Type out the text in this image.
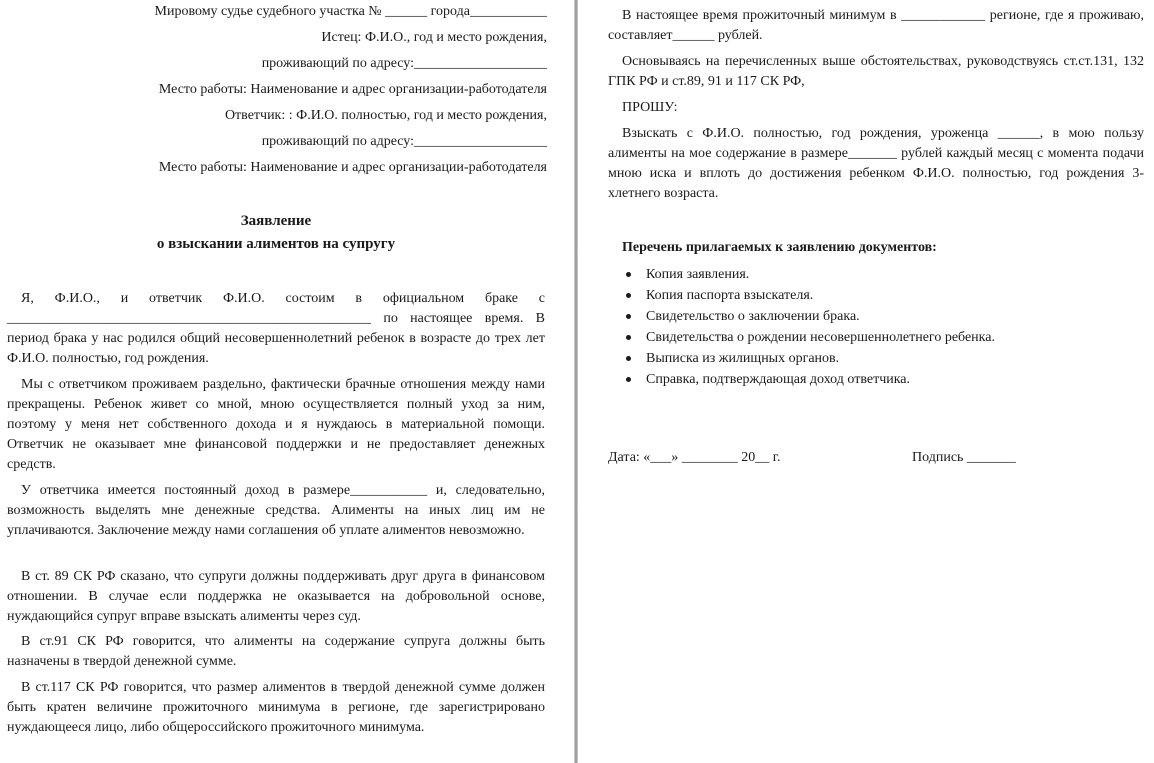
Мировому судье судебного участка № ______ города___________
Истец: Ф.И.О., год и место рождения,
проживающий по адресу:___________________
Место работы: Наименование и адрес организации-работодателя
Ответчик: : Ф.И.О. полностью, год и место рождения,
проживающий по адресу:___________________
Место работы: Наименование и адрес организации-работодателя
Заявление
о взыскании алиментов на супругу
Я, Ф.И.О., и ответчик Ф.И.О. состоим в официальном браке с ____________________________________________________ по настоящее время. В период брака у нас родился общий несовершеннолетний ребенок в возрасте до трех лет Ф.И.О. полностью, год рождения.
Мы с ответчиком проживаем раздельно, фактически брачные отношения между нами прекращены. Ребенок живет со мной, мною осуществляется полный уход за ним, поэтому у меня нет собственного дохода и я нуждаюсь в материальной помощи. Ответчик не оказывает мне финансовой поддержки и не предоставляет денежных средств.
У ответчика имеется постоянный доход в размере___________ и, следовательно, возможность выделять мне денежные средства. Алименты на иных лиц им не уплачиваются. Заключение между нами соглашения об уплате алиментов невозможно.
В ст. 89 СК РФ сказано, что супруги должны поддерживать друг друга в финансовом отношении. В случае если поддержка не оказывается на добровольной основе, нуждающийся супруг вправе взыскать алименты через суд.
В ст.91 СК РФ говорится, что алименты на содержание супруга должны быть назначены в твердой денежной сумме.
В ст.117 СК РФ говорится, что размер алиментов в твердой денежной сумме должен быть кратен величине прожиточного минимума в регионе, где зарегистрировано нуждающееся лицо, либо общероссийского прожиточного минимума.
В настоящее время прожиточный минимум в ____________ регионе, где я проживаю, составляет______ рублей.
Основываясь на перечисленных выше обстоятельствах, руководствуясь ст.ст.131, 132 ГПК РФ и ст.89, 91 и 117 СК РФ,
ПРОШУ:
Взыскать с Ф.И.О. полностью, год рождения, уроженца ______, в мою пользу алименты на мое содержание в размере_______ рублей каждый месяц с момента подачи мною иска и вплоть до достижения ребенком Ф.И.О. полностью, год рождения 3-хлетнего возраста.
Перечень прилагаемых к заявлению документов:
Копия заявления.
Копия паспорта взыскателя.
Свидетельство о заключении брака.
Свидетельства о рождении несовершеннолетнего ребенка.
Выписка из жилищных органов.
Справка, подтверждающая доход ответчика.
Дата: «___» ________ 20__ г.	Подпись _______
